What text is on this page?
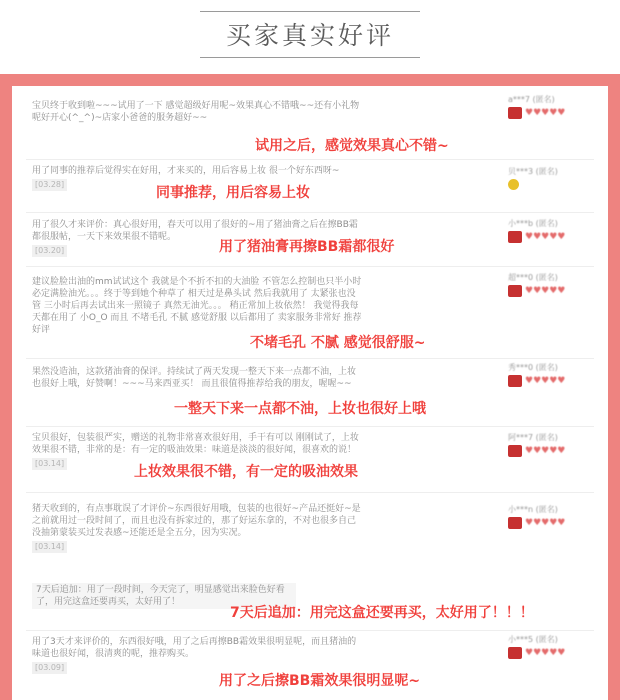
买家真实好评
宝贝终于收到啦~~~试用了一下 感觉超级好用呢~效果真心不错哦~~还有小礼物呢好开心(^_^)~店家小爸爸的服务超好~~
试用之后，感觉效果真心不错~
a***7 (匿名)
♥♥♥♥♥
用了同事的推荐后觉得实在好用，才来买的，用后容易上妆 很一个好东西呀~
[03.28]
同事推荐，用后容易上妆
贝***3 (匿名)
用了很久才来评价：真心很好用，春天可以用了很好的~用了猪油膏之后在擦BB霜都很服帖，一天下来效果很不错呢。
[03.20]	用了猪油膏再擦BB霜都很好
小***b (匿名)
♥♥♥♥♥
建议脸脸出油的mm试试这个 我就是个不折不扣的大油脸 不管怎么控制也只半小时必定满脸油光。。。终于等到她个种草了 相天过是鼻头试 然后我就用了 太紧张也没管 三小时后再去试出来一照镜子 真然无油光。。。 稍正常加上妆依然！ 我觉得我每天都在用了 小O_O 而且 不堵毛孔 不腻 感觉舒服 以后都用了 卖家服务非常好 推荐 好评
不堵毛孔 不腻 感觉很舒服~
超***0 (匿名)
♥♥♥♥♥
果然没造油，这款猪油膏的保评。持续试了两天发现一整天下来一点都不油，上妆也很好上哦，好赞啊！~~~马来西亚买！ 而且很值得推荐给我的朋友，喔喔~~
一整天下来一点都不油，上妆也很好上哦
秀***0 (匿名)
♥♥♥♥♥
宝贝很好，包装很严实，赠送的礼物非常喜欢很好用，手干有可以 刚刚试了，上妆效果很不错，非常的是：有一定的吸油效果：味道是淡淡的很好闻，很喜欢的说！
[03.14]
上妆效果很不错，有一定的吸油效果
阿***7 (匿名)
♥♥♥♥♥
猪天收到的，有点事耽误了才评价~东西很好用哦，包装的也很好~产品还挺好~是之前就用过一段时间了，而且也没有拆家过的，那了好运东拿的，不对也很多自己没抽第蒙装买过发表感~还能还是全五分，因为实况。
[03.14]
小***n (匿名)
♥♥♥♥♥
7天后追加：用了一段时间，今天完了，明显感觉出来脸色好看了，用完这盒还要再买，太好用了！
7天后追加：用完这盒还要再买，太好用了！！！
用了3天才来评价的，东西很好哦，用了之后再擦BB霜效果很明显呢，而且猪油的味道也很好闻，很清爽的呢，推荐购买。
[03.09]
用了之后擦BB霜效果很明显呢~
小***5 (匿名)
♥♥♥♥♥
